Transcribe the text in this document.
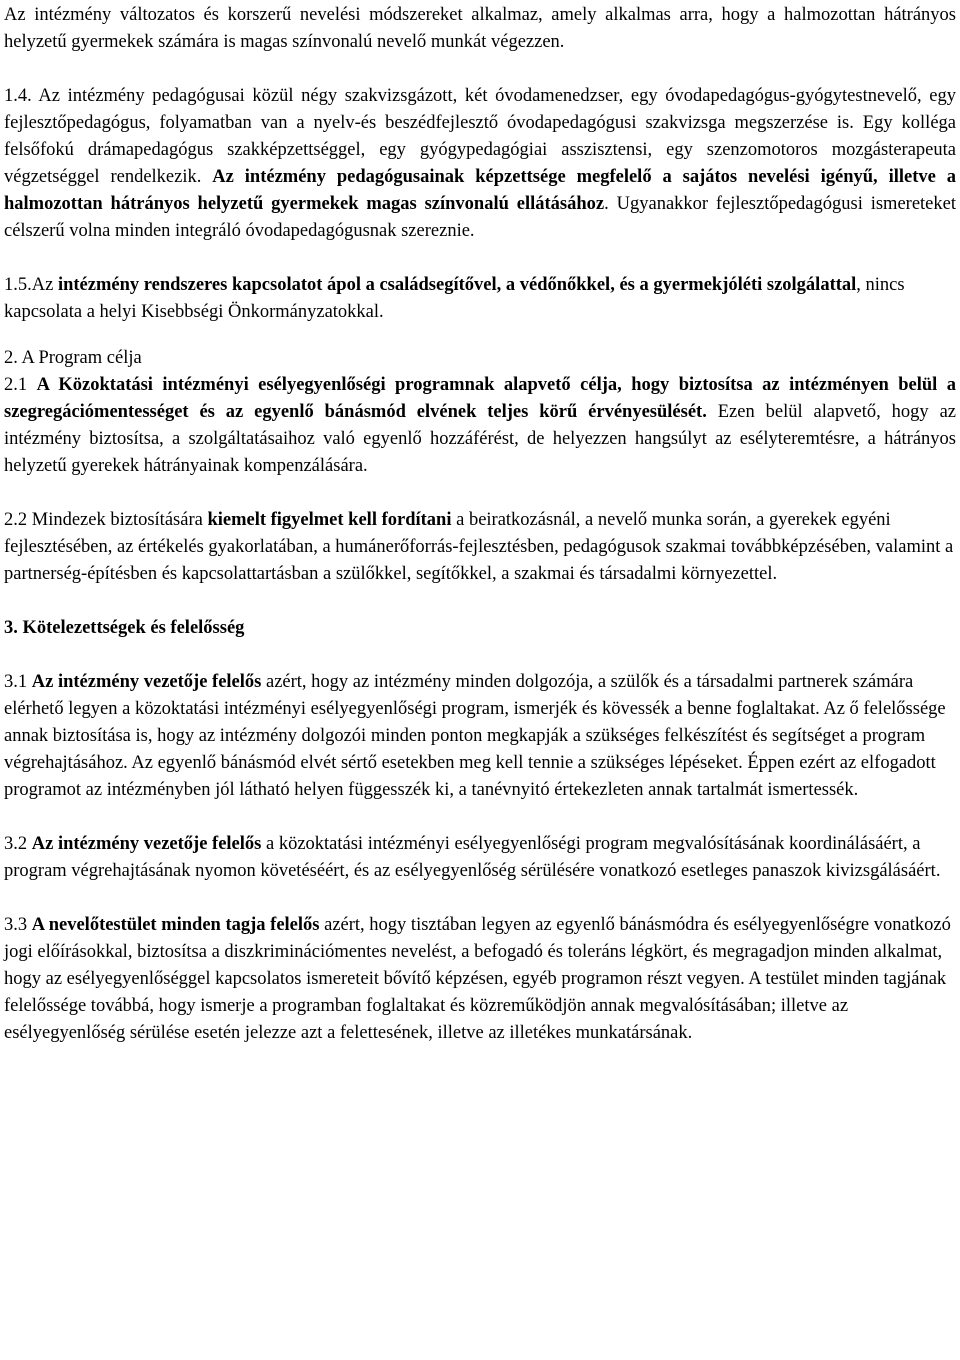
Az intézmény változatos és korszerű nevelési módszereket alkalmaz, amely alkalmas arra, hogy a halmozottan hátrányos helyzetű gyermekek számára is magas színvonalú nevelő munkát végezzen.

1.4. Az intézmény pedagógusai közül négy szakvizsgázott, két óvodamenedzser, egy óvodapedagógus-gyógytestnevelő, egy fejlesztőpedagógus, folyamatban van a nyelv-és beszédfejlesztő óvodapedagógusi szakvizsga megszerzése is. Egy kolléga felsőfokú drámapedagógus szakképzettséggel, egy gyógypedagógiai asszisztensi, egy szenzomotoros mozgásterapeuta végzetséggel rendelkezik. Az intézmény pedagógusainak képzettsége megfelelő a sajátos nevelési igényű, illetve a halmozottan hátrányos helyzetű gyermekek magas színvonalú ellátásához. Ugyanakkor fejlesztőpedagógusi ismereteket célszerű volna minden integráló óvodapedagógusnak szereznie.

1.5.Az intézmény rendszeres kapcsolatot ápol a családsegítővel, a védőnőkkel, és a gyermekjóléti szolgálattal, nincs kapcsolata a helyi Kisebbségi Önkormányzatokkal.

2. A Program célja

2.1 A Közoktatási intézményi esélyegyenlőségi programnak alapvető célja, hogy biztosítsa az intézményen belül a szegregációmentességet és az egyenlő bánásmód elvének teljes körű érvényesülését. Ezen belül alapvető, hogy az intézmény biztosítsa, a szolgáltatásaihoz való egyenlő hozzáférést, de helyezzen hangsúlyt az esélyteremtésre, a hátrányos helyzetű gyerekek hátrányainak kompenzálására.

2.2 Mindezek biztosítására kiemelt figyelmet kell fordítani a beiratkozásnál, a nevelő munka során, a gyerekek egyéni fejlesztésében, az értékelés gyakorlatában, a humánerőforrás-fejlesztésben, pedagógusok szakmai továbbképzésében, valamint a partnerség-építésben és kapcsolattartásban a szülőkkel, segítőkkel, a szakmai és társadalmi környezettel.

3. Kötelezettségek és felelősség

3.1 Az intézmény vezetője felelős azért, hogy az intézmény minden dolgozója, a szülők és a társadalmi partnerek számára elérhető legyen a közoktatási intézményi esélyegyenlőségi program, ismerjék és kövessék a benne foglaltakat. Az ő felelőssége annak biztosítása is, hogy az intézmény dolgozói minden ponton megkapják a szükséges felkészítést és segítséget a program végrehajtásához. Az egyenlő bánásmód elvét sértő esetekben meg kell tennie a szükséges lépéseket. Éppen ezért az elfogadott programot az intézményben jól látható helyen függesszék ki, a tanévnyitó értekezleten annak tartalmát ismertessék.

3.2 Az intézmény vezetője felelős a közoktatási intézményi esélyegyenlőségi program megvalósításának koordinálásáért, a program végrehajtásának nyomon követéséért, és az esélyegyenlőség sérülésére vonatkozó esetleges panaszok kivizsgálásáért.

3.3 A nevelőtestület minden tagja felelős azért, hogy tisztában legyen az egyenlő bánásmódra és esélyegyenlőségre vonatkozó jogi előírásokkal, biztosítsa a diszkriminációmentes nevelést, a befogadó és toleráns légkört, és megragadjon minden alkalmat, hogy az esélyegyenlőséggel kapcsolatos ismereteit bővítő képzésen, egyéb programon részt vegyen. A testület minden tagjának felelőssége továbbá, hogy ismerje a programban foglaltakat és közreműködjön annak megvalósításában; illetve az esélyegyenlőség sérülése esetén jelezze azt a felettesének, illetve az illetékes munkatársának.
